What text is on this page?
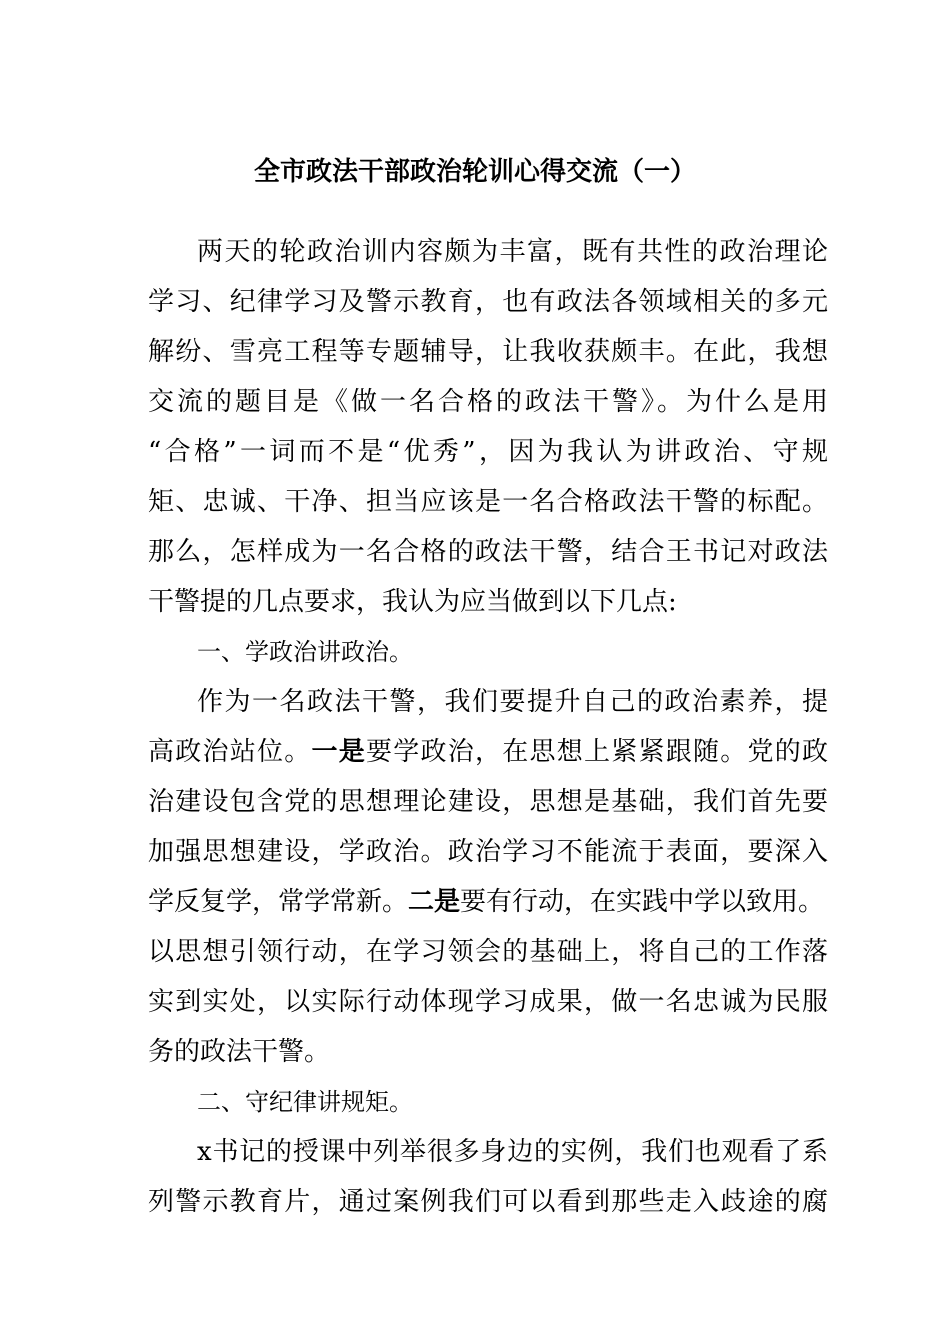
全市政法干部政治轮训心得交流（一）
两天的轮政治训内容颇为丰富，既有共性的政治理论
学习、纪律学习及警示教育，也有政法各领域相关的多元
解纷、雪亮工程等专题辅导，让我收获颇丰。在此，我想
交流的题目是《做一名合格的政法干警》。为什么是用
“合格”一词而不是“优秀”，因为我认为讲政治、守规
矩、忠诚、干净、担当应该是一名合格政法干警的标配。
那么，怎样成为一名合格的政法干警，结合王书记对政法
干警提的几点要求，我认为应当做到以下几点:
一、学政治讲政治。
作为一名政法干警，我们要提升自己的政治素养，提
高政治站位。一是要学政治，在思想上紧紧跟随。党的政
治建设包含党的思想理论建设，思想是基础，我们首先要
加强思想建设，学政治。政治学习不能流于表面，要深入
学反复学，常学常新。二是要有行动，在实践中学以致用。
以思想引领行动，在学习领会的基础上，将自己的工作落
实到实处，以实际行动体现学习成果，做一名忠诚为民服
务的政法干警。
二、守纪律讲规矩。
x书记的授课中列举很多身边的实例，我们也观看了系
列警示教育片，通过案例我们可以看到那些走入歧途的腐
